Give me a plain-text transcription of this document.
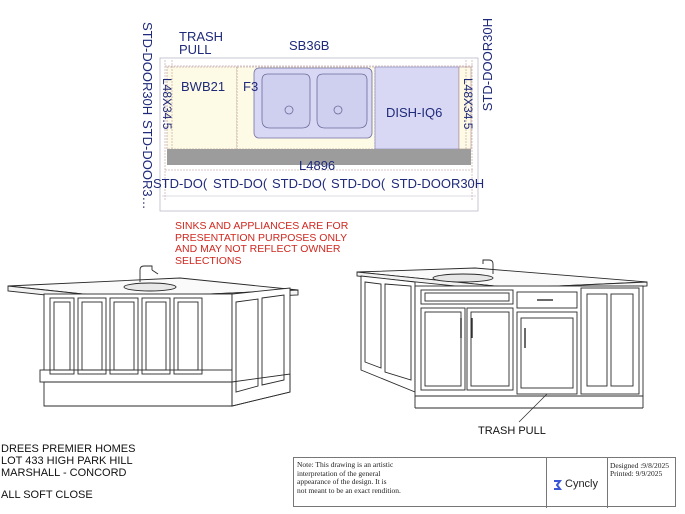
TRASH
PULL	SB36B
BWB21 F3
DISH-IQ6
L4896
L48X34.5	L48X34.5
STD-DOOR30H
STD-DOOR3…
STD-DOOR30H
STD-DO( STD-DO( STD-DO( STD-DO( STD-DOOR30H
SINKS AND APPLIANCES ARE FOR
PRESENTATION PURPOSES ONLY
AND MAY NOT REFLECT OWNER
SELECTIONS
TRASH PULL
DREES PREMIER HOMES
LOT 433 HIGH PARK HILL
MARSHALL - CONCORD
ALL SOFT CLOSE
Note: This drawing is an artistic
interpretation of the general
appearance of the design. It is
not meant to be an exact rendition.	Cyncly
Designed :9/8/2025
Printed: 9/9/2025
